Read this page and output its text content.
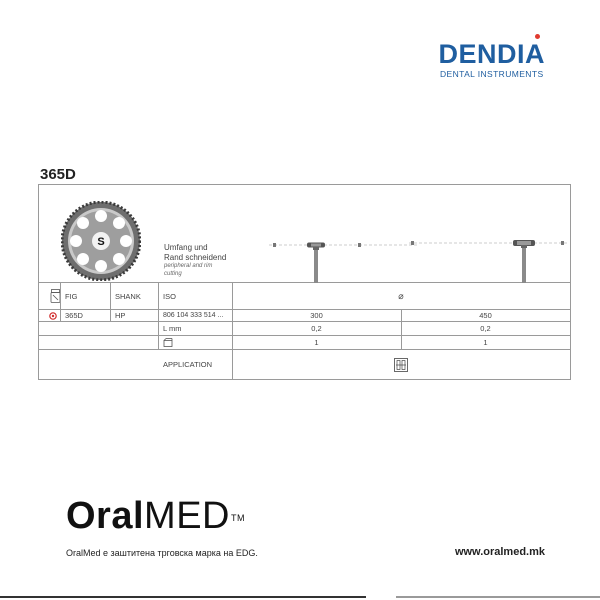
DENDIA
DENTAL INSTRUMENTS
365D
S	Umfang und
Rand schneidend
peripheral and rim
cutting
FIG	SHANK	ISO	⌀
365D	HP	806 104 333 514 ...	300	450
L mm	0,2	0,2
1	1
APPLICATION
OralMED™
OralMed е заштитена трговска марка на EDG.	www.oralmed.mk
